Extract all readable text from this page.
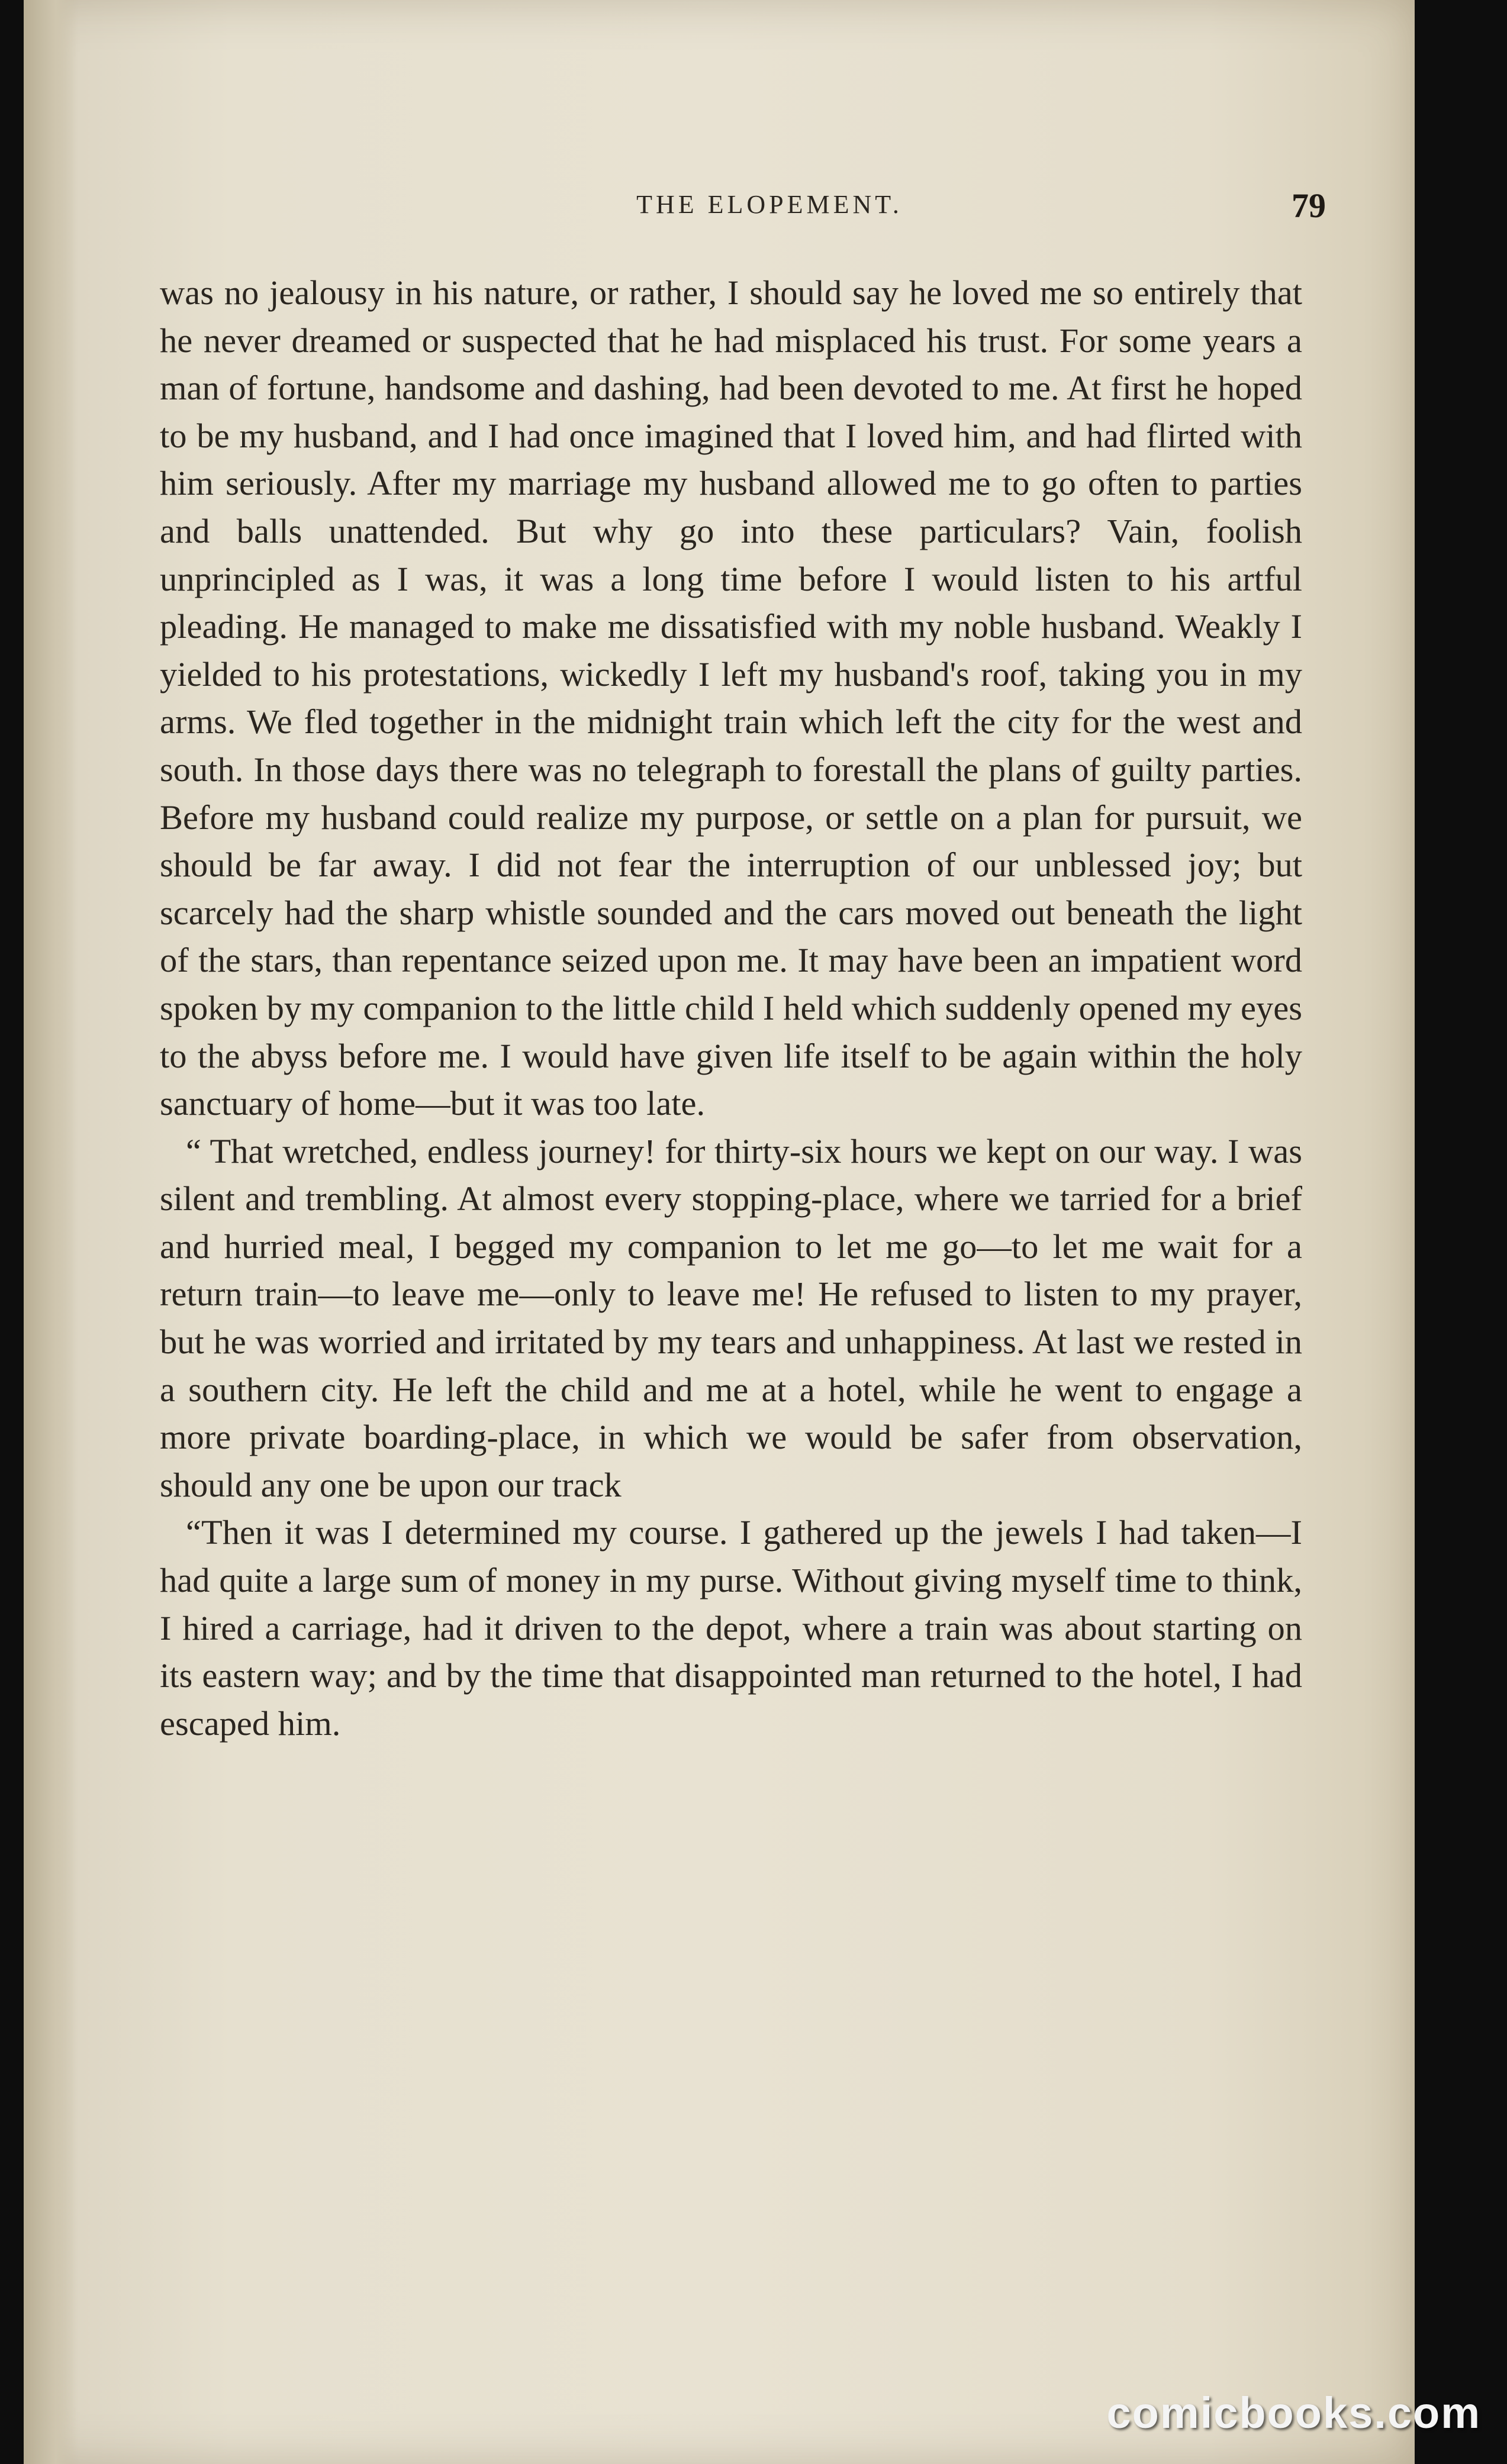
THE ELOPEMENT.	79

was no jealousy in his nature, or rather, I should say he loved me so entirely that he never dreamed or suspected that he had misplaced his trust. For some years a man of fortune, handsome and dashing, had been devoted to me. At first he hoped to be my husband, and I had once imagined that I loved him, and had flirted with him seriously. After my marriage my husband allowed me to go often to parties and balls unattended. But why go into these particulars? Vain, foolish unprincipled as I was, it was a long time before I would listen to his artful pleading. He managed to make me dissatisfied with my noble husband. Weakly I yielded to his protestations, wickedly I left my husband's roof, taking you in my arms. We fled together in the midnight train which left the city for the west and south. In those days there was no telegraph to forestall the plans of guilty parties. Before my husband could realize my purpose, or settle on a plan for pursuit, we should be far away. I did not fear the interruption of our unblessed joy; but scarcely had the sharp whistle sounded and the cars moved out beneath the light of the stars, than repentance seized upon me. It may have been an impatient word spoken by my companion to the little child I held which suddenly opened my eyes to the abyss before me. I would have given life itself to be again within the holy sanctuary of home—but it was too late.

“ That wretched, endless journey! for thirty-six hours we kept on our way. I was silent and trembling. At almost every stopping-place, where we tarried for a brief and hurried meal, I begged my companion to let me go—to let me wait for a return train—to leave me—only to leave me! He refused to listen to my prayer, but he was worried and irritated by my tears and unhappiness. At last we rested in a southern city. He left the child and me at a hotel, while he went to engage a more private boarding-place, in which we would be safer from observation, should any one be upon our track

“Then it was I determined my course. I gathered up the jewels I had taken—I had quite a large sum of money in my purse. Without giving myself time to think, I hired a carriage, had it driven to the depot, where a train was about starting on its eastern way; and by the time that disappointed man returned to the hotel, I had escaped him.

comicbooks.com
